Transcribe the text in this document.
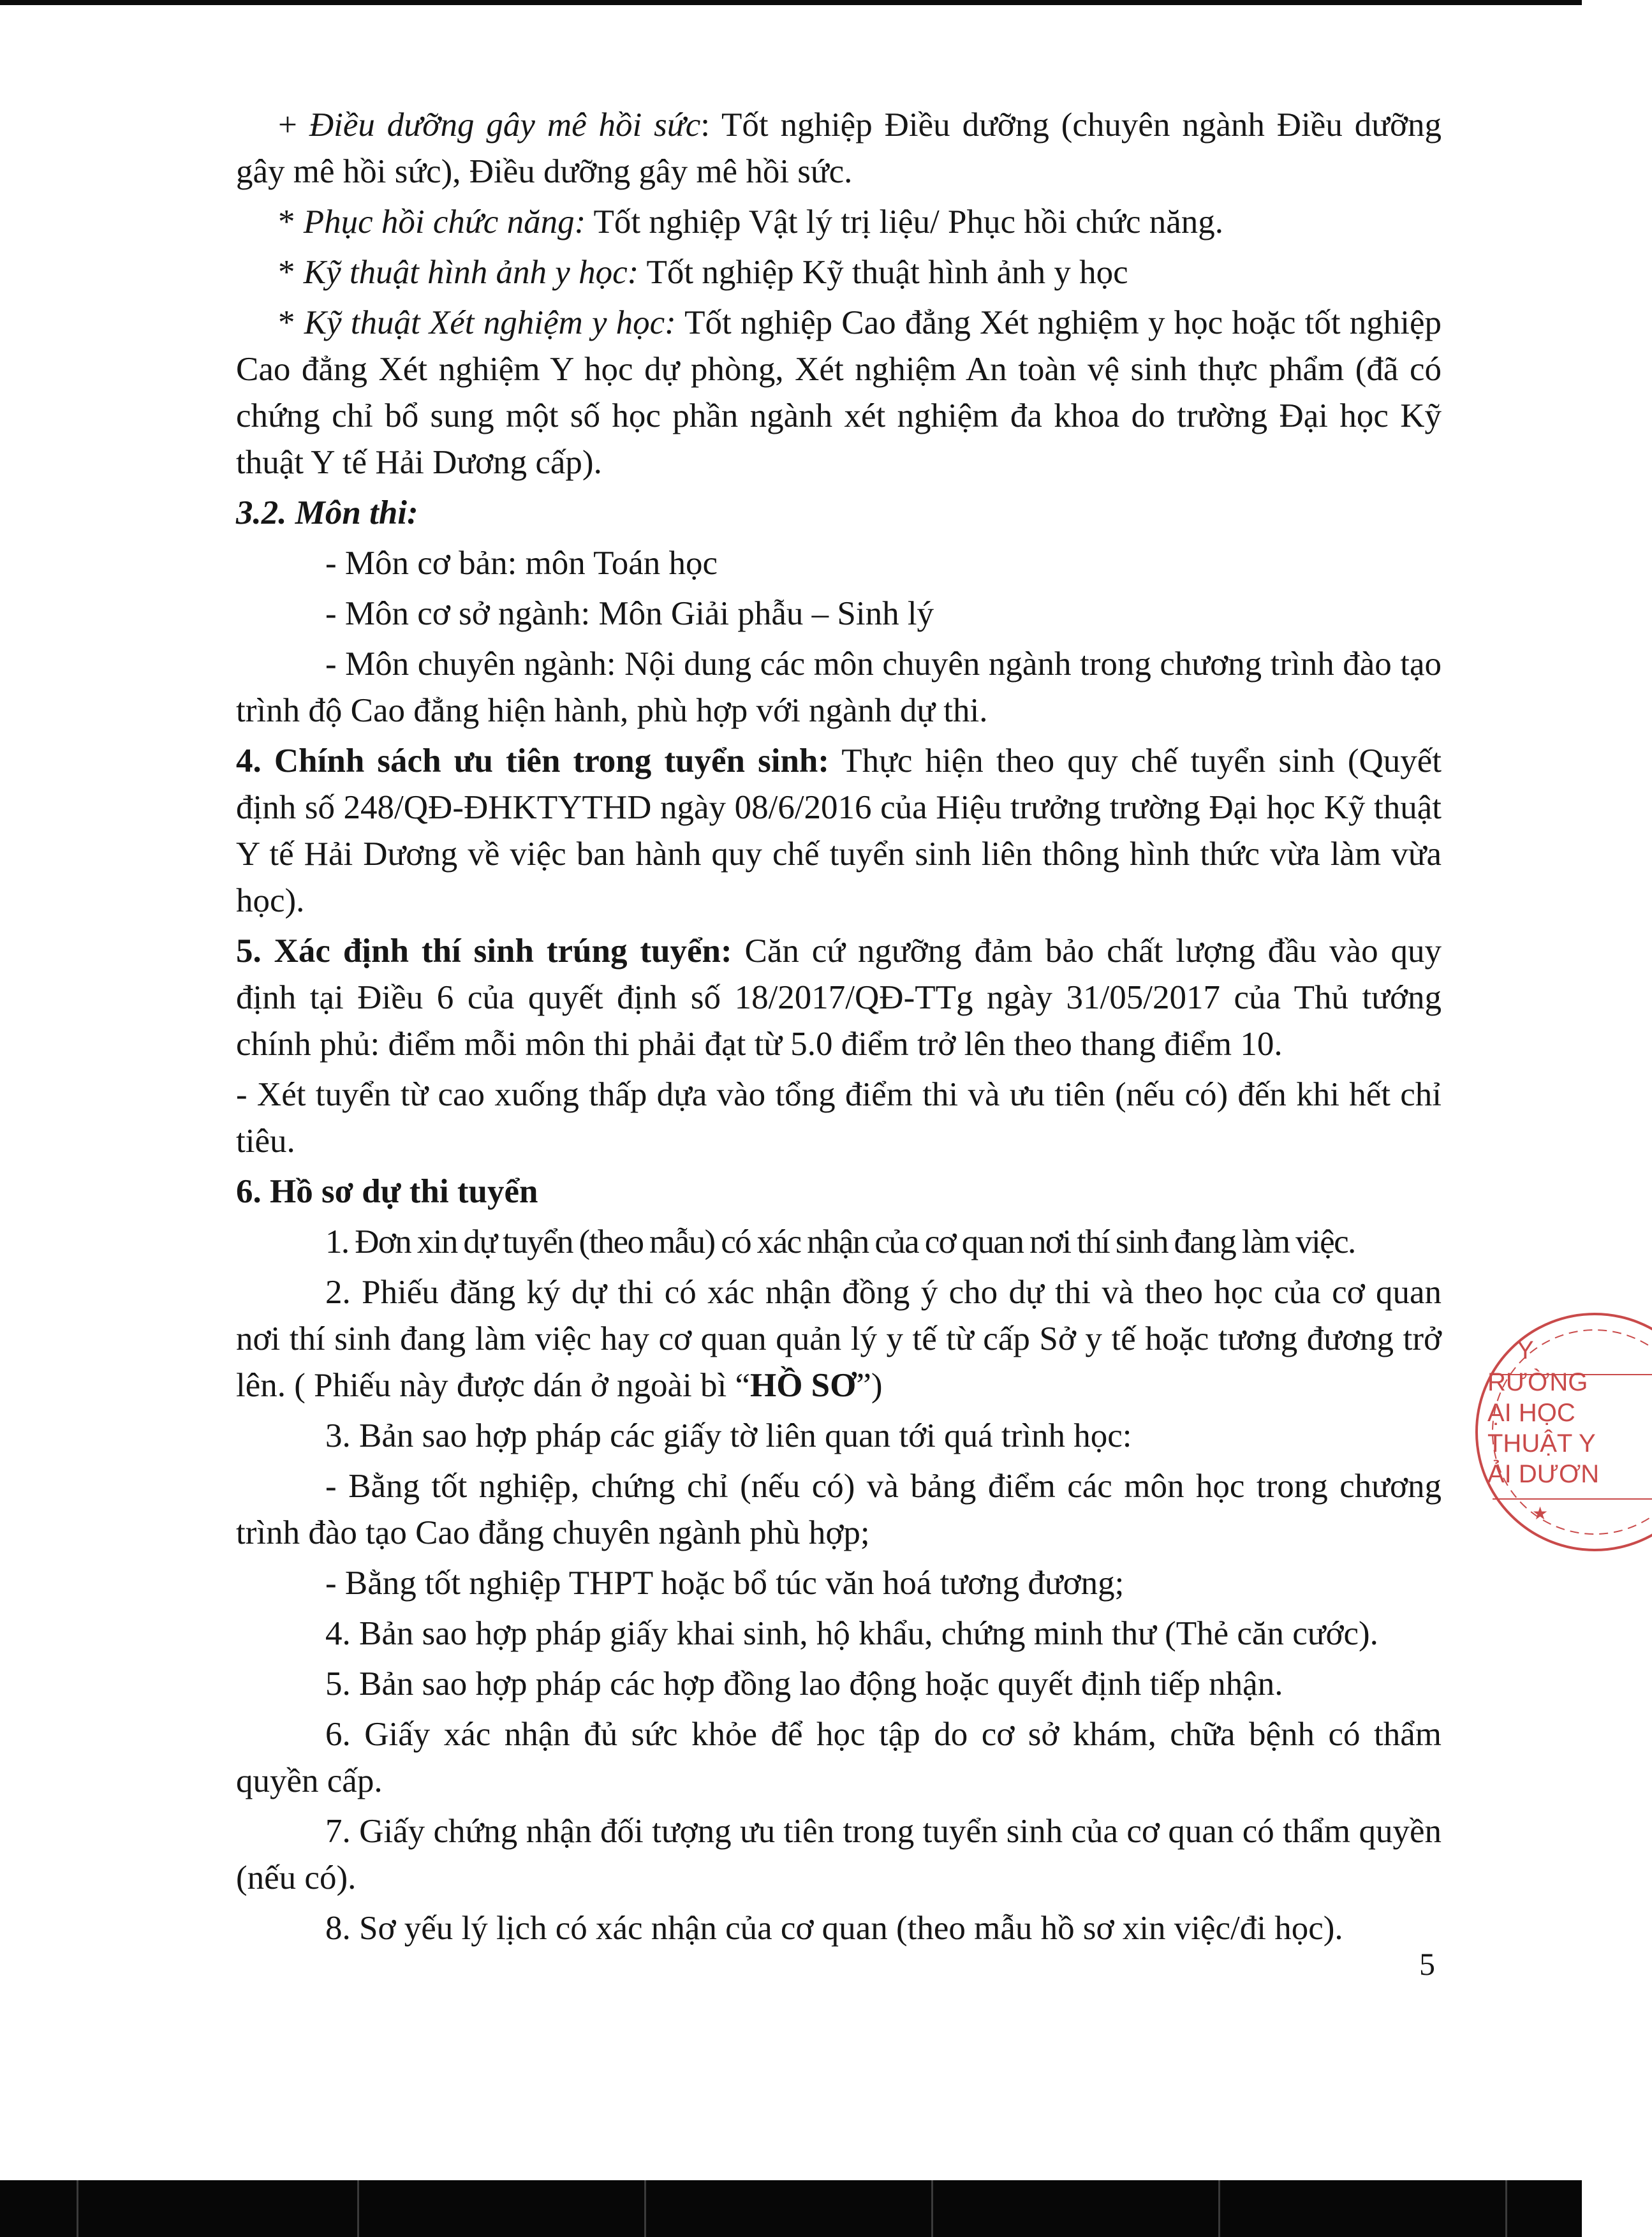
+ Điều dưỡng gây mê hồi sức: Tốt nghiệp Điều dưỡng (chuyên ngành Điều dưỡng gây mê hồi sức), Điều dưỡng gây mê hồi sức.

* Phục hồi chức năng: Tốt nghiệp Vật lý trị liệu/ Phục hồi chức năng.

* Kỹ thuật hình ảnh y học: Tốt nghiệp Kỹ thuật hình ảnh y học

* Kỹ thuật Xét nghiệm y học: Tốt nghiệp Cao đẳng Xét nghiệm y học hoặc tốt nghiệp Cao đẳng Xét nghiệm Y học dự phòng, Xét nghiệm An toàn vệ sinh thực phẩm (đã có chứng chỉ bổ sung một số học phần ngành xét nghiệm đa khoa do trường Đại học Kỹ thuật Y tế Hải Dương cấp).

3.2. Môn thi:

- Môn cơ bản: môn Toán học

- Môn cơ sở ngành: Môn Giải phẫu – Sinh lý

- Môn chuyên ngành: Nội dung các môn chuyên ngành trong chương trình đào tạo trình độ Cao đẳng hiện hành, phù hợp với ngành dự thi.

4. Chính sách ưu tiên trong tuyển sinh: Thực hiện theo quy chế tuyển sinh (Quyết định số 248/QĐ-ĐHKTYTHD ngày 08/6/2016 của Hiệu trưởng trường Đại học Kỹ thuật Y tế Hải Dương về việc ban hành quy chế tuyển sinh liên thông hình thức vừa làm vừa học).

5. Xác định thí sinh trúng tuyển: Căn cứ ngưỡng đảm bảo chất lượng đầu vào quy định tại Điều 6 của quyết định số 18/2017/QĐ-TTg ngày 31/05/2017 của Thủ tướng chính phủ: điểm mỗi môn thi phải đạt từ 5.0 điểm trở lên theo thang điểm 10.

- Xét tuyển từ cao xuống thấp dựa vào tổng điểm thi và ưu tiên (nếu có) đến khi hết chỉ tiêu.

6. Hồ sơ dự thi tuyển

1. Đơn xin dự tuyển (theo mẫu) có xác nhận của cơ quan nơi thí sinh đang làm việc.

2. Phiếu đăng ký dự thi có xác nhận đồng ý cho dự thi và theo học của cơ quan nơi thí sinh đang làm việc hay cơ quan quản lý y tế từ cấp Sở y tế hoặc tương đương trở lên. ( Phiếu này được dán ở ngoài bì “HỒ SƠ”)

3. Bản sao hợp pháp các giấy tờ liên quan tới quá trình học:

- Bằng tốt nghiệp, chứng chỉ (nếu có) và bảng điểm các môn học trong chương trình đào tạo Cao đẳng chuyên ngành phù hợp;

- Bằng tốt nghiệp THPT hoặc bổ túc văn hoá tương đương;

4. Bản sao hợp pháp giấy khai sinh, hộ khẩu, chứng minh thư (Thẻ căn cước).

5. Bản sao hợp pháp các hợp đồng lao động hoặc quyết định tiếp nhận.

6. Giấy xác nhận đủ sức khỏe để học tập do cơ sở khám, chữa bệnh có thẩm quyền cấp.

7. Giấy chứng nhận đối tượng ưu tiên trong tuyển sinh của cơ quan có thẩm quyền (nếu có).

8. Sơ yếu lý lịch có xác nhận của cơ quan (theo mẫu hồ sơ xin việc/đi học).

5
★
Y
RƯỜNG
ẠI HỌC
THUẬT Y
ẢI DƯƠN
